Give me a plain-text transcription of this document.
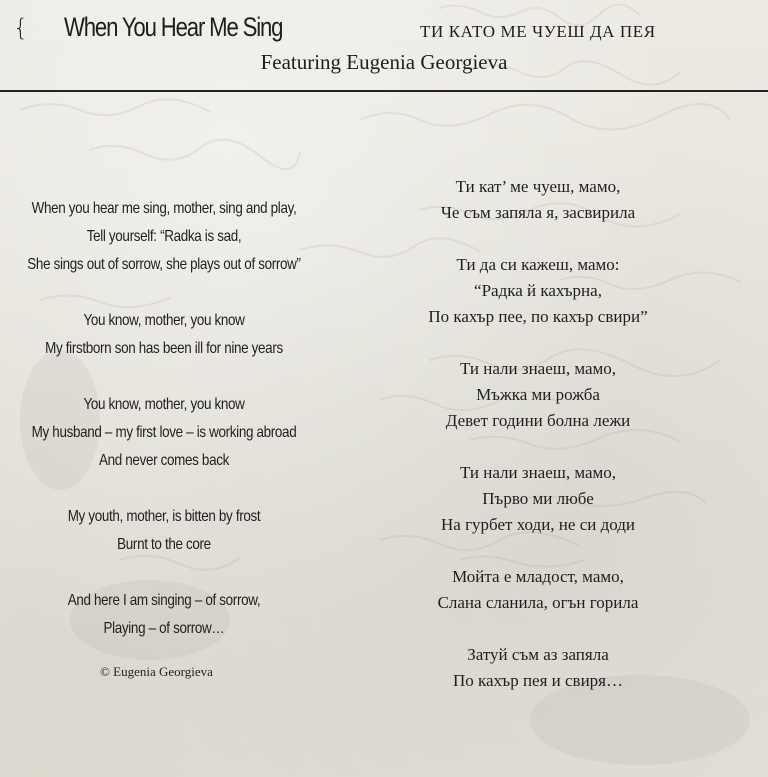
{ When You Hear Me Sing	ТИ КАТО МЕ ЧУЕШ ДА ПЕЯ
Featuring Eugenia Georgieva
When you hear me sing, mother, sing and play,
Tell yourself: “Radka is sad,
She sings out of sorrow, she plays out of sorrow”
You know, mother, you know
My firstborn son has been ill for nine years
You know, mother, you know
My husband – my first love – is working abroad
And never comes back
My youth, mother, is bitten by frost
Burnt to the core
And here I am singing – of sorrow,
Playing – of sorrow…
© Eugenia Georgieva
Ти кат’ ме чуеш, мамо,
Че съм запяла я, засвирила
Ти да си кажеш, мамо:
“Радка й кахърна,
По кахър пее, по кахър свири”
Ти нали знаеш, мамо,
Мъжка ми рожба
Девет години болна лежи
Ти нали знаеш, мамо,
Първо ми любе
На гурбет ходи, не си доди
Мойта е младост, мамо,
Слана сланила, огън горила
Затуй съм аз запяла
По кахър пея и свиря…
